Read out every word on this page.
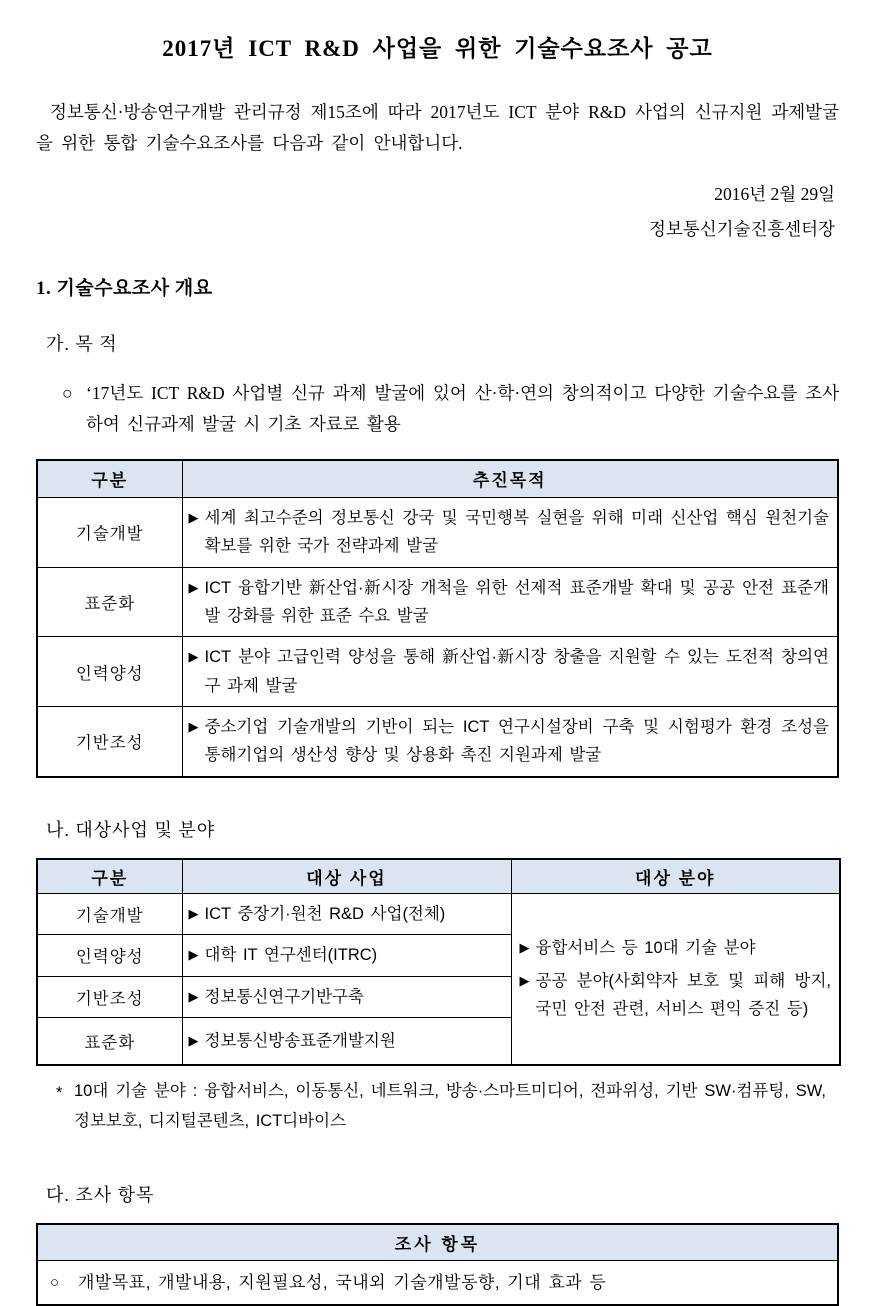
2017년 ICT R&D 사업을 위한 기술수요조사 공고

정보통신·방송연구개발 관리규정 제15조에 따라 2017년도 ICT 분야 R&D 사업의 신규지원 과제발굴을 위한 통합 기술수요조사를 다음과 같이 안내합니다.

2016년 2월 29일
정보통신기술진흥센터장
1. 기술수요조사 개요
가. 목 적
○ ‘17년도 ICT R&D 사업별 신규 과제 발굴에 있어 산·학·연의 창의적이고 다양한 기술수요를 조사하여 신규과제 발굴 시 기초 자료로 활용
구분	추진목적
기술개발	▶ 세계 최고수준의 정보통신 강국 및 국민행복 실현을 위해 미래 신산업 핵심 원천기술 확보를 위한 국가 전략과제 발굴

표준화	▶ ICT 융합기반 新산업·新시장 개척을 위한 선제적 표준개발 확대 및 공공 안전 표준개발 강화를 위한 표준 수요 발굴

인력양성	▶ ICT 분야 고급인력 양성을 통해 新산업·新시장 창출을 지원할 수 있는 도전적 창의연구 과제 발굴

기반조성	▶ 중소기업 기술개발의 기반이 되는 ICT 연구시설장비 구축 및 시험평가 환경 조성을 통해기업의 생산성 향상 및 상용화 촉진 지원과제 발굴
나. 대상사업 및 분야
구분	대상 사업	대상 분야
기술개발	▶ ICT 중장기·원천 R&D 사업(전체)

▶ 융합서비스 등 10대 기술 분야
▶ 공공 분야(사회약자 보호 및 피해 방지, 국민 안전 관련, 서비스 편익 증진 등)

인력양성	▶ 대학 IT 연구센터(ITRC)	

기반조성	▶ 정보통신연구기반구축	

표준화	▶ 정보통신방송표준개발지원	
* 10대 기술 분야 : 융합서비스, 이동통신, 네트워크, 방송·스마트미디어, 전파위성, 기반 SW·컴퓨팅, SW, 정보보호, 디지털콘텐츠, ICT디바이스
다. 조사 항목
조사 항목

○	개발목표, 개발내용, 지원필요성, 국내외 기술개발동향, 기대 효과 등
